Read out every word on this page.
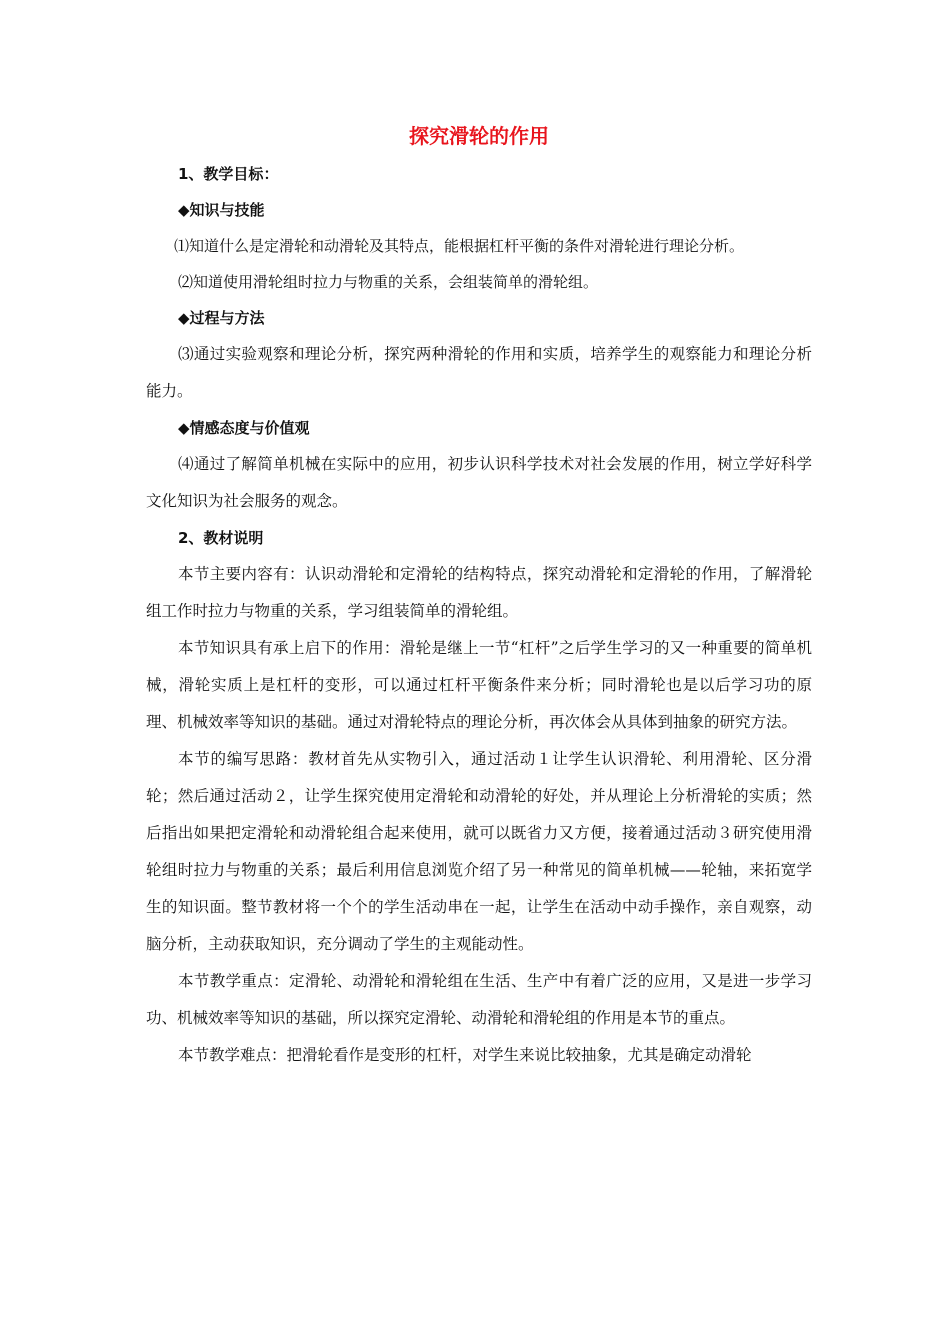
探究滑轮的作用

1、教学目标：

◆知识与技能

⑴知道什么是定滑轮和动滑轮及其特点，能根据杠杆平衡的条件对滑轮进行理论分析。

⑵知道使用滑轮组时拉力与物重的关系，会组装简单的滑轮组。

◆过程与方法

⑶通过实验观察和理论分析，探究两种滑轮的作用和实质，培养学生的观察能力和理论分析能力。

◆情感态度与价值观

⑷通过了解简单机械在实际中的应用，初步认识科学技术对社会发展的作用，树立学好科学文化知识为社会服务的观念。

2、教材说明

本节主要内容有：认识动滑轮和定滑轮的结构特点，探究动滑轮和定滑轮的作用，了解滑轮组工作时拉力与物重的关系，学习组装简单的滑轮组。

本节知识具有承上启下的作用：滑轮是继上一节“杠杆”之后学生学习的又一种重要的简单机械，滑轮实质上是杠杆的变形，可以通过杠杆平衡条件来分析；同时滑轮也是以后学习功的原理、机械效率等知识的基础。通过对滑轮特点的理论分析，再次体会从具体到抽象的研究方法。

本节的编写思路：教材首先从实物引入，通过活动１让学生认识滑轮、利用滑轮、区分滑轮；然后通过活动２，让学生探究使用定滑轮和动滑轮的好处，并从理论上分析滑轮的实质；然后指出如果把定滑轮和动滑轮组合起来使用，就可以既省力又方便，接着通过活动３研究使用滑轮组时拉力与物重的关系；最后利用信息浏览介绍了另一种常见的简单机械——轮轴，来拓宽学生的知识面。整节教材将一个个的学生活动串在一起，让学生在活动中动手操作，亲自观察，动脑分析，主动获取知识，充分调动了学生的主观能动性。

本节教学重点：定滑轮、动滑轮和滑轮组在生活、生产中有着广泛的应用，又是进一步学习功、机械效率等知识的基础，所以探究定滑轮、动滑轮和滑轮组的作用是本节的重点。

本节教学难点：把滑轮看作是变形的杠杆，对学生来说比较抽象，尤其是确定动滑轮
